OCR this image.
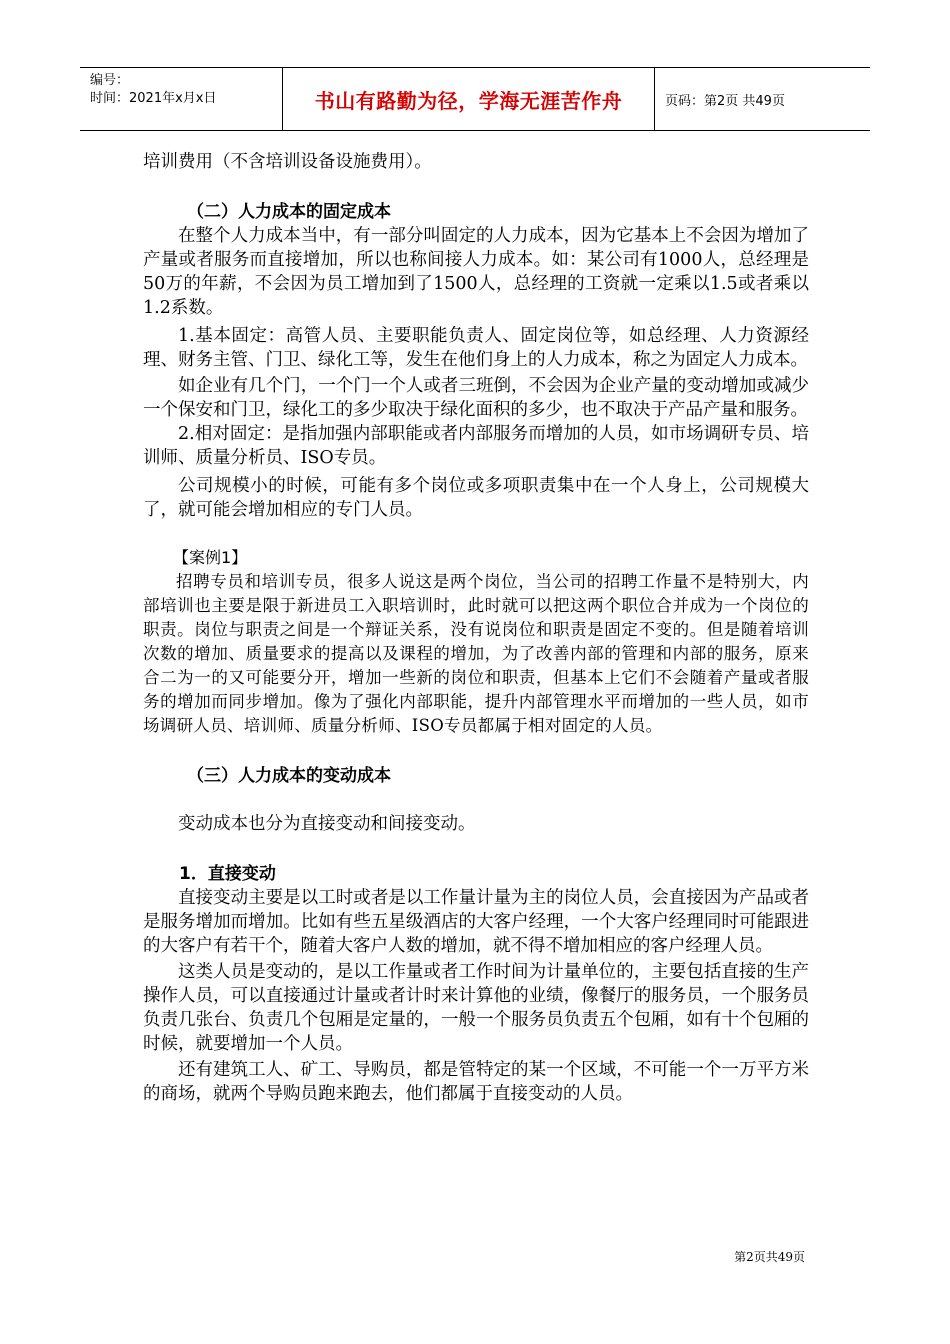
编号：
时间：2021年x月x日	书山有路勤为径，学海无涯苦作舟	页码：第2页 共49页

培训费用（不含培训设备设施费用）。

（二）人力成本的固定成本

在整个人力成本当中，有一部分叫固定的人力成本，因为它基本上不会因为增加了产量或者服务而直接增加，所以也称间接人力成本。如：某公司有1000人，总经理是50万的年薪，不会因为员工增加到了1500人，总经理的工资就一定乘以1.5或者乘以1.2系数。

1.基本固定：高管人员、主要职能负责人、固定岗位等，如总经理、人力资源经理、财务主管、门卫、绿化工等，发生在他们身上的人力成本，称之为固定人力成本。

如企业有几个门，一个门一个人或者三班倒，不会因为企业产量的变动增加或减少一个保安和门卫，绿化工的多少取决于绿化面积的多少，也不取决于产品产量和服务。

2.相对固定：是指加强内部职能或者内部服务而增加的人员，如市场调研专员、培训师、质量分析员、ISO专员。

公司规模小的时候，可能有多个岗位或多项职责集中在一个人身上，公司规模大了，就可能会增加相应的专门人员。

【案例1】

招聘专员和培训专员，很多人说这是两个岗位，当公司的招聘工作量不是特别大，内部培训也主要是限于新进员工入职培训时，此时就可以把这两个职位合并成为一个岗位的职责。岗位与职责之间是一个辩证关系，没有说岗位和职责是固定不变的。但是随着培训次数的增加、质量要求的提高以及课程的增加，为了改善内部的管理和内部的服务，原来合二为一的又可能要分开，增加一些新的岗位和职责，但基本上它们不会随着产量或者服务的增加而同步增加。像为了强化内部职能，提升内部管理水平而增加的一些人员，如市场调研人员、培训师、质量分析师、ISO专员都属于相对固定的人员。

（三）人力成本的变动成本

变动成本也分为直接变动和间接变动。

1．直接变动

直接变动主要是以工时或者是以工作量计量为主的岗位人员，会直接因为产品或者是服务增加而增加。比如有些五星级酒店的大客户经理，一个大客户经理同时可能跟进的大客户有若干个，随着大客户人数的增加，就不得不增加相应的客户经理人员。

这类人员是变动的，是以工作量或者工作时间为计量单位的，主要包括直接的生产操作人员，可以直接通过计量或者计时来计算他的业绩，像餐厅的服务员，一个服务员负责几张台、负责几个包厢是定量的，一般一个服务员负责五个包厢，如有十个包厢的时候，就要增加一个人员。

还有建筑工人、矿工、导购员，都是管特定的某一个区域，不可能一个一万平方米的商场，就两个导购员跑来跑去，他们都属于直接变动的人员。

第2页共49页
